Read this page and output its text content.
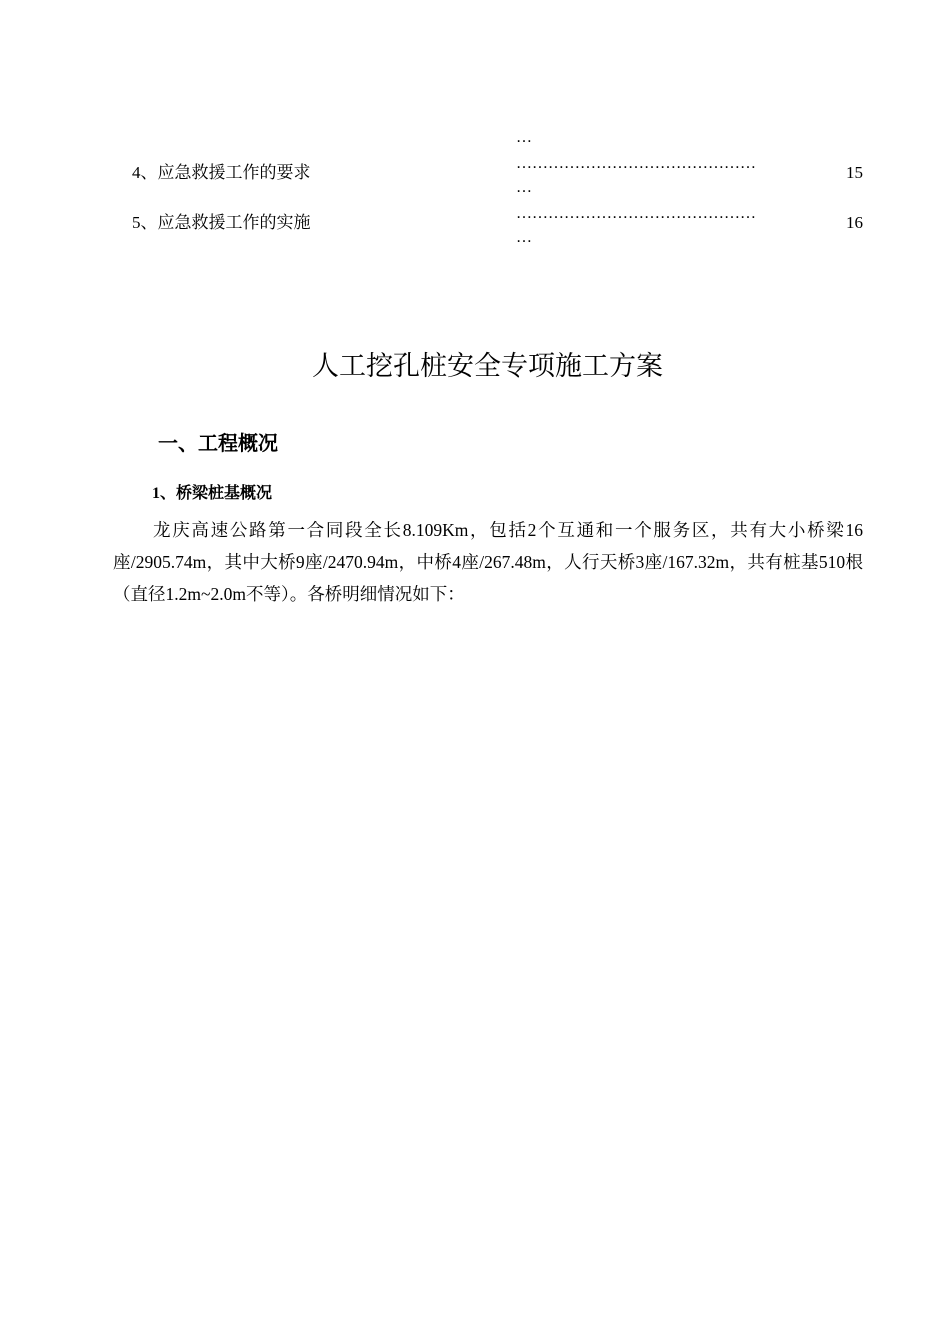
…
4、应急救援工作的要求	………………………………………
…
15
5、应急救援工作的实施	………………………………………
…
16
人工挖孔桩安全专项施工方案
一、工程概况
1、桥梁桩基概况

龙庆高速公路第一合同段全长8.109Km，包括2个互通和一个服务区，共有大小桥梁16座/2905.74m，其中大桥9座/2470.94m，中桥4座/267.48m，人行天桥3座/167.32m，共有桩基510根（直径1.2m~2.0m不等）。各桥明细情况如下：
